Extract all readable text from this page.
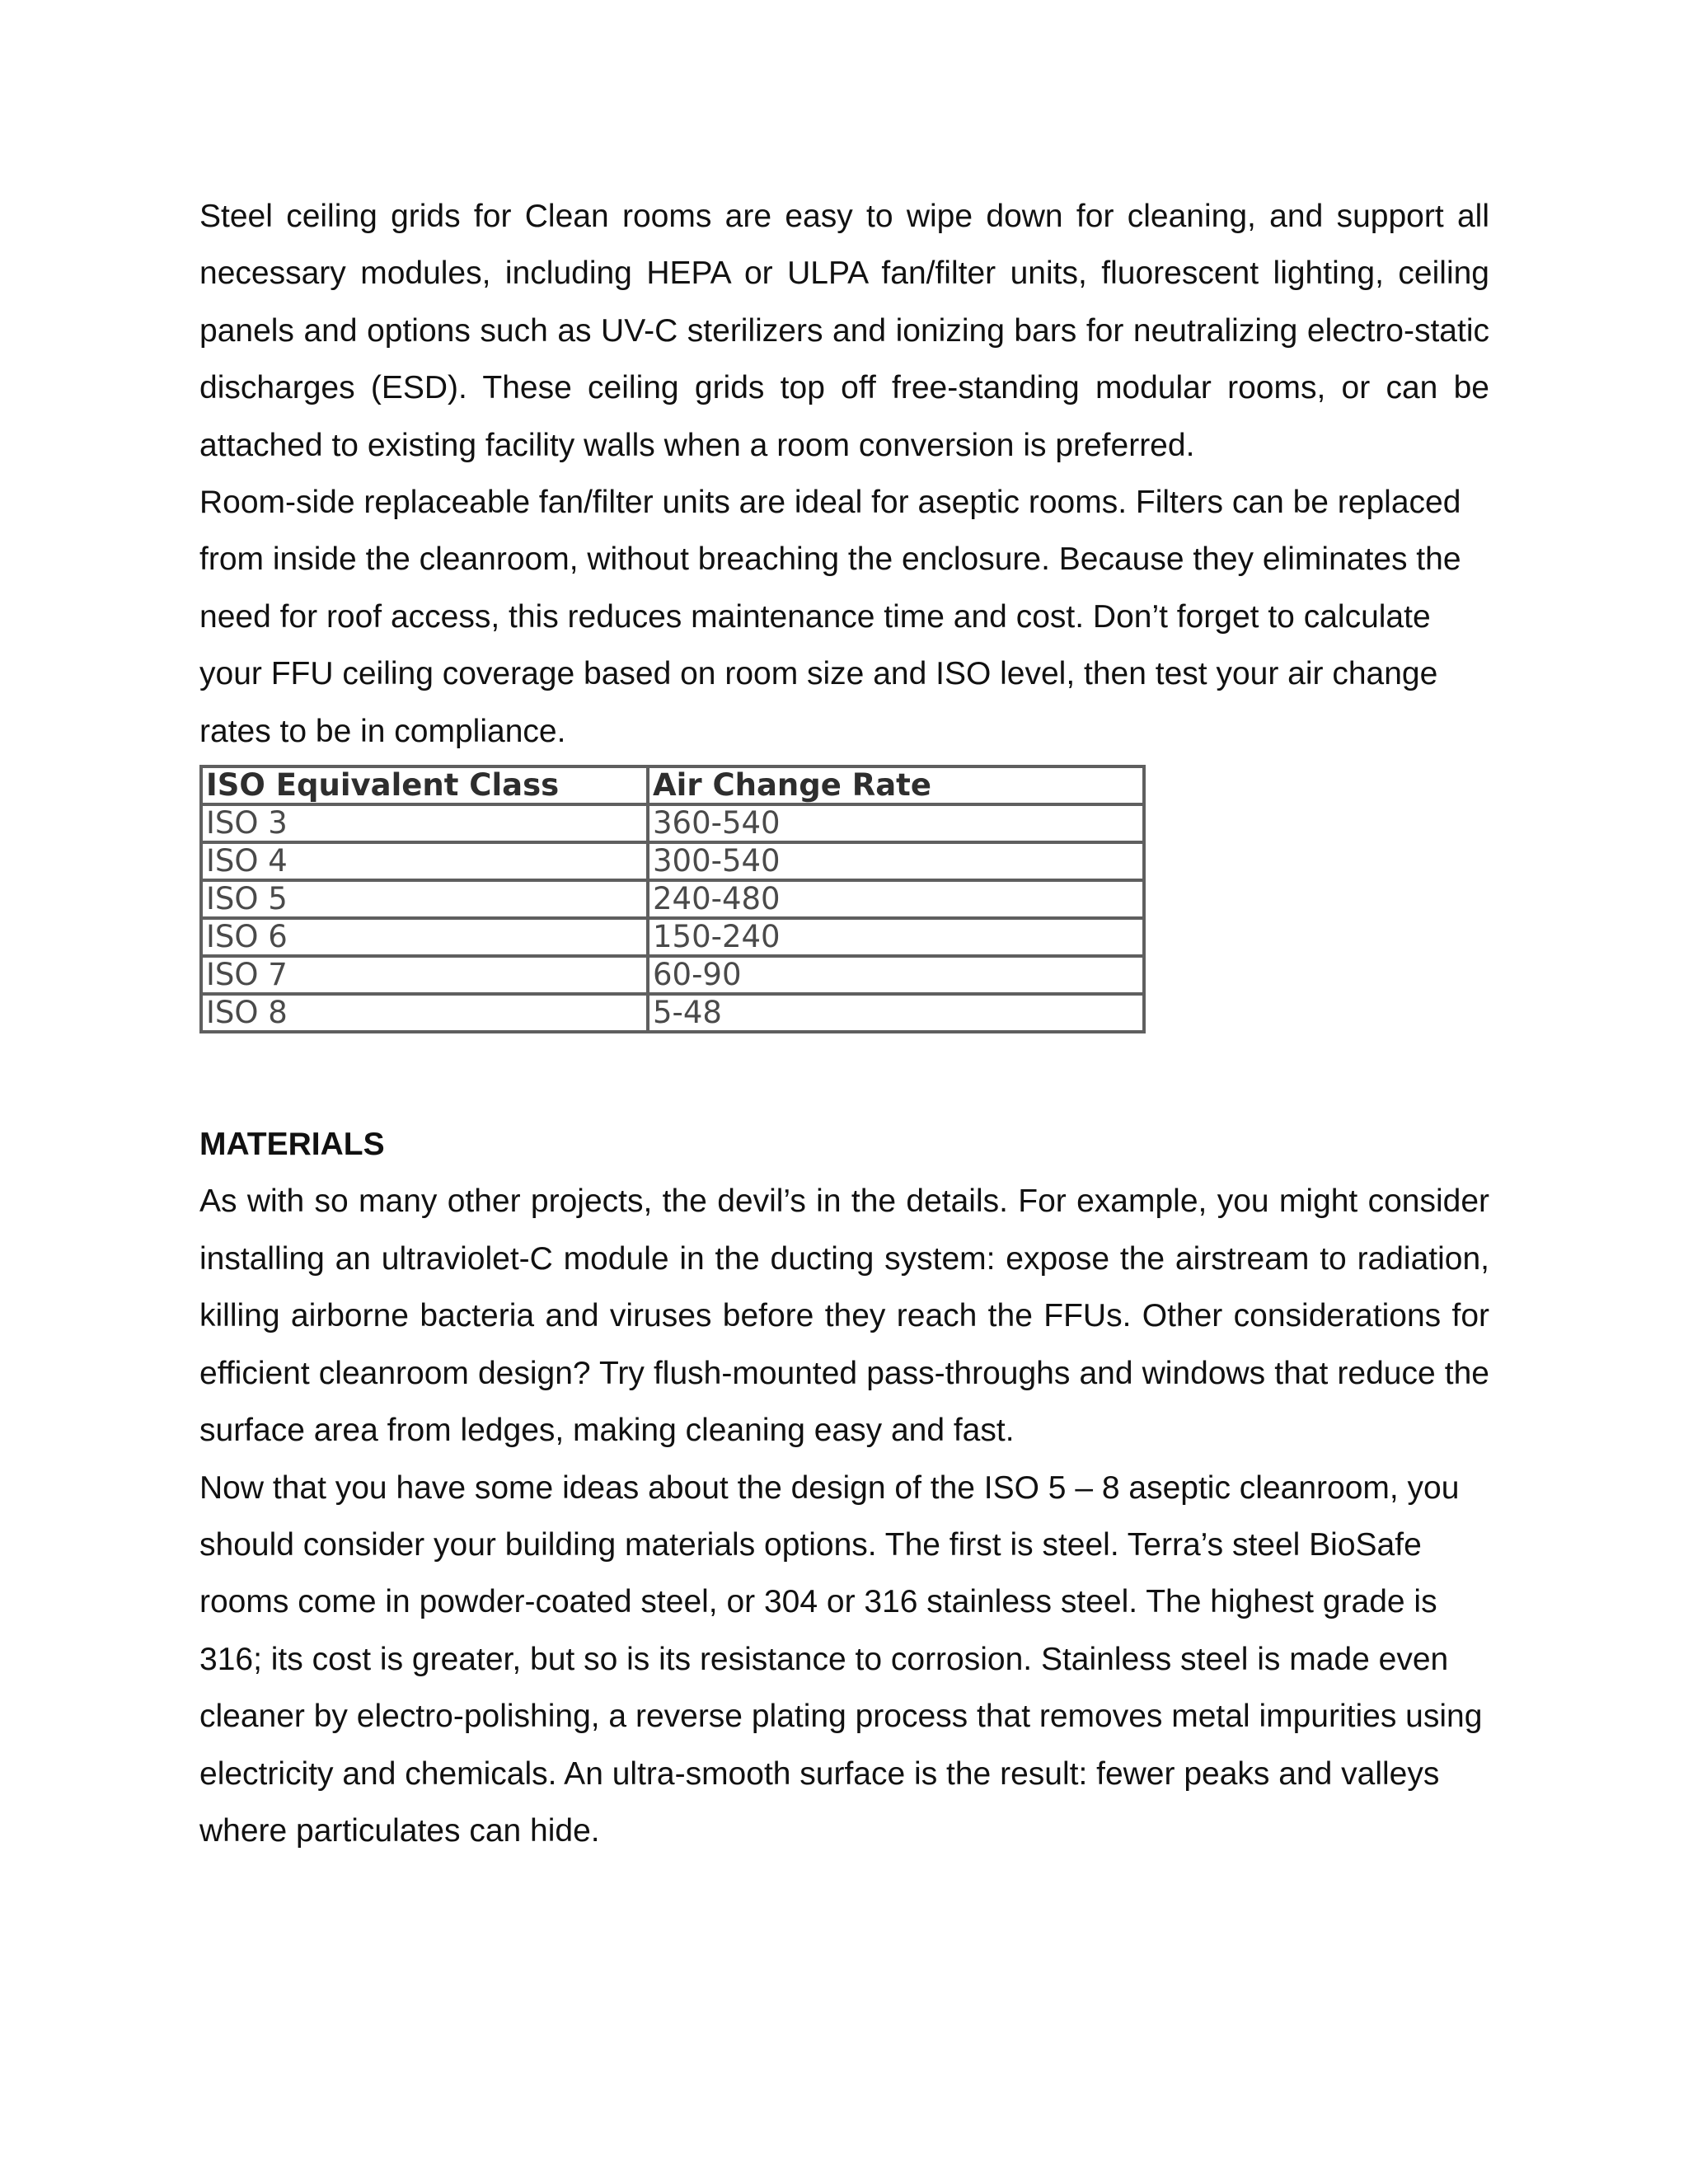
Steel ceiling grids for Clean rooms are easy to wipe down for cleaning, and support all necessary modules, including HEPA or ULPA fan/filter units, fluorescent lighting, ceiling panels and options such as UV-C sterilizers and ionizing bars for neutralizing electro-static discharges (ESD). These ceiling grids top off free-standing modular rooms, or can be attached to existing facility walls when a room conversion is preferred.

Room-side replaceable fan/filter units are ideal for aseptic rooms. Filters can be replaced from inside the cleanroom, without breaching the enclosure. Because they eliminates the need for roof access, this reduces maintenance time and cost. Don’t forget to calculate your FFU ceiling coverage based on room size and ISO level, then test your air change rates to be in compliance.

ISO Equivalent Class	Air Change Rate
ISO 3	360-540
ISO 4	300-540
ISO 5	240-480
ISO 6	150-240
ISO 7	60-90
ISO 8	5-48

MATERIALS

As with so many other projects, the devil’s in the details. For example, you might consider installing an ultraviolet-C module in the ducting system: expose the airstream to radiation, killing airborne bacteria and viruses before they reach the FFUs. Other considerations for efficient cleanroom design? Try flush-mounted pass-throughs and windows that reduce the surface area from ledges, making cleaning easy and fast.

Now that you have some ideas about the design of the ISO 5 – 8 aseptic cleanroom, you should consider your building materials options. The first is steel. Terra’s steel BioSafe rooms come in powder-coated steel, or 304 or 316 stainless steel. The highest grade is 316; its cost is greater, but so is its resistance to corrosion. Stainless steel is made even cleaner by electro-polishing, a reverse plating process that removes metal impurities using electricity and chemicals. An ultra-smooth surface is the result: fewer peaks and valleys where particulates can hide.
